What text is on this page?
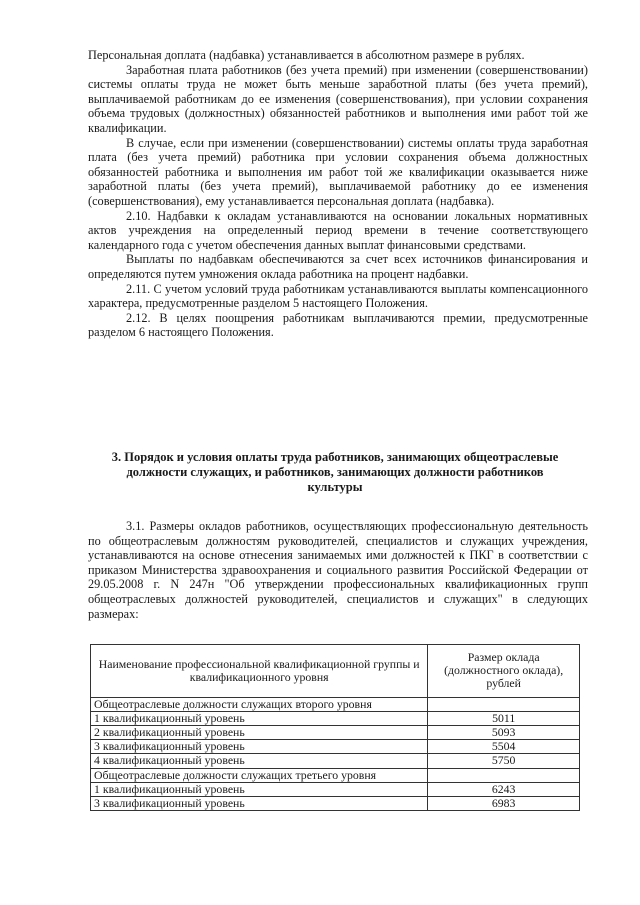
Персональная доплата (надбавка) устанавливается в абсолютном размере в рублях.

Заработная плата работников (без учета премий) при изменении (совершенствовании) системы оплаты труда не может быть меньше заработной платы (без учета премий), выплачиваемой работникам до ее изменения (совершенствования), при условии сохранения объема трудовых (должностных) обязанностей работников и выполнения ими работ той же квалификации.

В случае, если при изменении (совершенствовании) системы оплаты труда заработная плата (без учета премий) работника при условии сохранения объема должностных обязанностей работника и выполнения им работ той же квалификации оказывается ниже заработной платы (без учета премий), выплачиваемой работнику до ее изменения (совершенствования), ему устанавливается персональная доплата (надбавка).

2.10. Надбавки к окладам устанавливаются на основании локальных нормативных актов учреждения на определенный период времени в течение соответствующего календарного года с учетом обеспечения данных выплат финансовыми средствами.

Выплаты по надбавкам обеспечиваются за счет всех источников финансирования и определяются путем умножения оклада работника на процент надбавки.

2.11. С учетом условий труда работникам устанавливаются выплаты компенсационного характера, предусмотренные разделом 5 настоящего Положения.

2.12. В целях поощрения работникам выплачиваются премии, предусмотренные разделом 6 настоящего Положения.

3. Порядок и условия оплаты труда работников, занимающих общеотраслевые должности служащих, и работников, занимающих должности работников культуры

3.1. Размеры окладов работников, осуществляющих профессиональную деятельность по общеотраслевым должностям руководителей, специалистов и служащих учреждения, устанавливаются на основе отнесения занимаемых ими должностей к ПКГ в соответствии с приказом Министерства здравоохранения и социального развития Российской Федерации от 29.05.2008 г. N 247н "Об утверждении профессиональных квалификационных групп общеотраслевых должностей руководителей, специалистов и служащих" в следующих размерах:

Наименование профессиональной квалификационной группы и квалификационного уровня	Размер оклада (должностного оклада), рублей
Общеотраслевые должности служащих второго уровня	
1 квалификационный уровень	5011
2 квалификационный уровень	5093
3 квалификационный уровень	5504
4 квалификационный уровень	5750
Общеотраслевые должности служащих третьего уровня	
1 квалификационный уровень	6243
3 квалификационный уровень	6983
